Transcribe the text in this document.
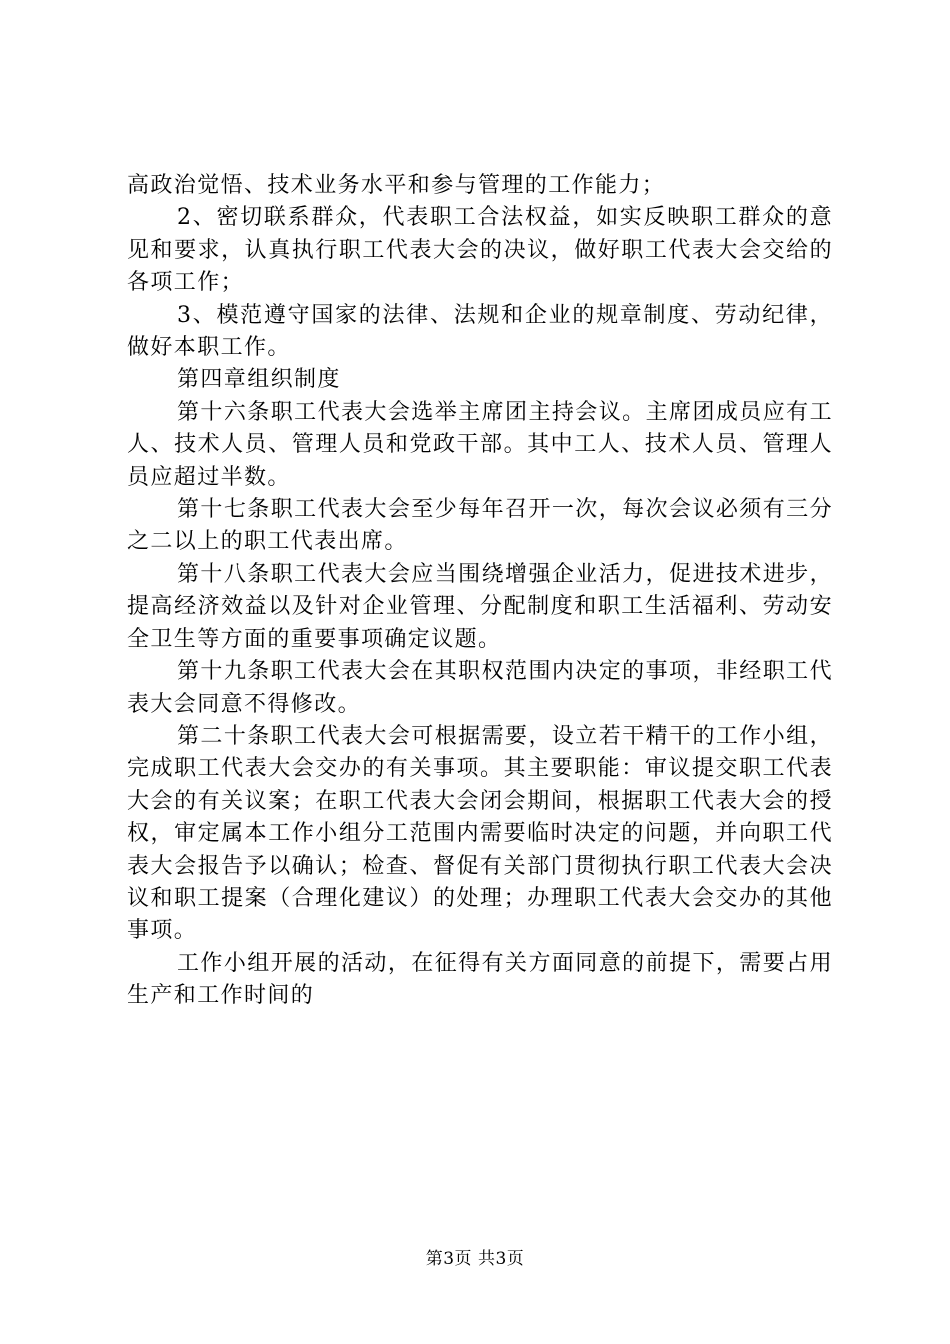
高政治觉悟、技术业务水平和参与管理的工作能力；

2、密切联系群众，代表职工合法权益，如实反映职工群众的意见和要求，认真执行职工代表大会的决议，做好职工代表大会交给的各项工作；

3、模范遵守国家的法律、法规和企业的规章制度、劳动纪律，做好本职工作。

第四章组织制度

第十六条职工代表大会选举主席团主持会议。主席团成员应有工人、技术人员、管理人员和党政干部。其中工人、技术人员、管理人员应超过半数。

第十七条职工代表大会至少每年召开一次，每次会议必须有三分之二以上的职工代表出席。

第十八条职工代表大会应当围绕增强企业活力，促进技术进步，提高经济效益以及针对企业管理、分配制度和职工生活福利、劳动安全卫生等方面的重要事项确定议题。

第十九条职工代表大会在其职权范围内决定的事项，非经职工代表大会同意不得修改。

第二十条职工代表大会可根据需要，设立若干精干的工作小组，完成职工代表大会交办的有关事项。其主要职能：审议提交职工代表大会的有关议案；在职工代表大会闭会期间，根据职工代表大会的授权，审定属本工作小组分工范围内需要临时决定的问题，并向职工代表大会报告予以确认；检查、督促有关部门贯彻执行职工代表大会决议和职工提案（合理化建议）的处理；办理职工代表大会交办的其他事项。

工作小组开展的活动，在征得有关方面同意的前提下，需要占用生产和工作时间的

第3页 共3页
